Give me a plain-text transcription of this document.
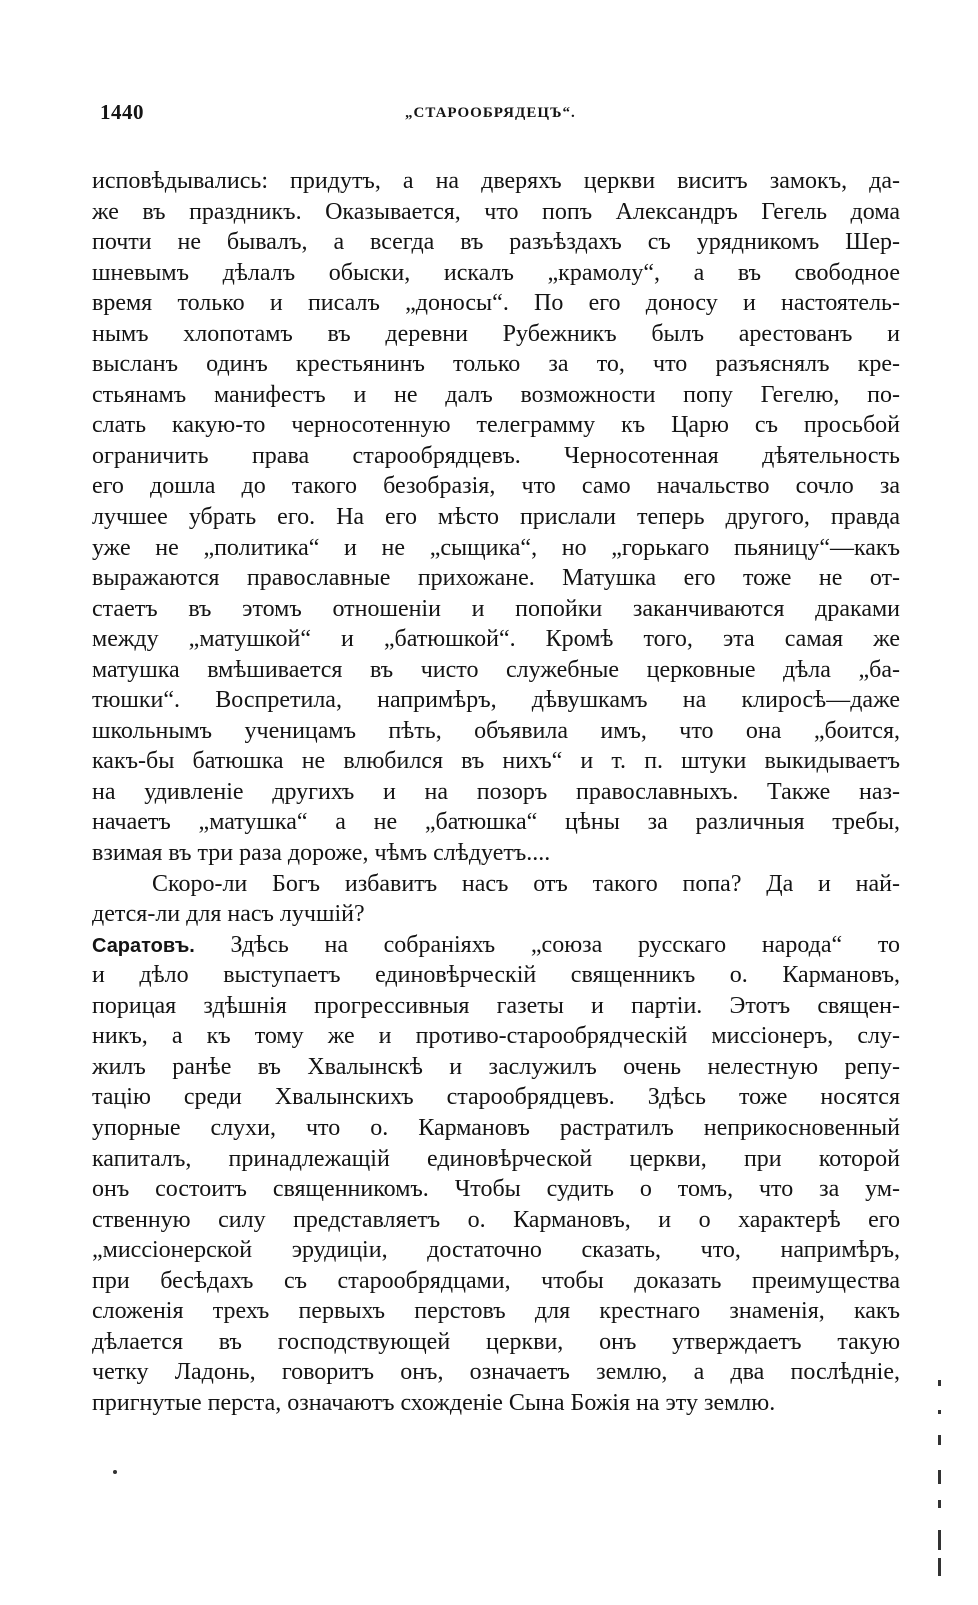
1440	„СТАРООБРЯДЕЦЪ“.
исповѣдывались: придутъ, а на дверяхъ церкви виситъ замокъ, да-
же въ праздникъ. Оказывается, что попъ Александръ Гегель дома
почти не бывалъ, а всегда въ разъѣздахъ съ урядникомъ Шер-
шневымъ дѣлалъ обыски, искалъ „крамолу“, а въ свободное
время только и писалъ „доносы“. По его доносу и настоятель-
нымъ хлопотамъ въ деревни Рубежникъ былъ арестованъ и
высланъ одинъ крестьянинъ только за то, что разъяснялъ кре-
стьянамъ манифестъ и не далъ возможности попу Гегелю, по-
слать какую-то черносотенную телеграмму къ Царю съ просьбой
ограничить права старообрядцевъ. Черносотенная дѣятельность
его дошла до такого безобразія, что само начальство сочло за
лучшее убрать его. На его мѣсто прислали теперь другого, правда
уже не „политика“ и не „сыщика“, но „горькаго пьяницу“—какъ
выражаются православные прихожане. Матушка его тоже не от-
стаетъ въ этомъ отношеніи и попойки заканчиваются драками
между „матушкой“ и „батюшкой“. Кромѣ того, эта самая же
матушка вмѣшивается въ чисто служебные церковные дѣла „ба-
тюшки“. Воспретила, напримѣръ, дѣвушкамъ на клиросѣ—даже
школьнымъ ученицамъ пѣть, объявила имъ, что она „боится,
какъ-бы батюшка не влюбился въ нихъ“ и т. п. штуки выкидываетъ
на удивленіе другихъ и на позоръ православныхъ. Также наз-
начаетъ „матушка“ а не „батюшка“ цѣны за различныя требы,
взимая въ три раза дороже, чѣмъ слѣдуетъ....
Скоро-ли Богъ избавитъ насъ отъ такого попа? Да и най-
дется-ли для насъ лучшій?
Саратовъ. Здѣсь на собраніяхъ „союза русскаго народа“ то
и дѣло выступаетъ единовѣрческій священникъ о. Кармановъ,
порицая здѣшнія прогрессивныя газеты и партіи. Этотъ священ-
никъ, а къ тому же и противо-старообрядческій миссіонеръ, слу-
жилъ ранѣе въ Хвалынскѣ и заслужилъ очень нелестную репу-
тацію среди Хвалынскихъ старообрядцевъ. Здѣсь тоже носятся
упорные слухи, что о. Кармановъ растратилъ неприкосновенный
капиталъ, принадлежащій единовѣрческой церкви, при которой
онъ состоитъ священникомъ. Чтобы судить о томъ, что за ум-
ственную силу представляетъ о. Кармановъ, и о характерѣ его
„миссіонерской эрудиціи, достаточно сказать, что, напримѣръ,
при бесѣдахъ съ старообрядцами, чтобы доказать преимущества
сложенія трехъ первыхъ перстовъ для крестнаго знаменія, какъ
дѣлается въ господствующей церкви, онъ утверждаетъ такую
четку Ладонь, говоритъ онъ, означаетъ землю, а два послѣдніе,
пригнутые перста, означаютъ схожденіе Сына Божія на эту землю.
